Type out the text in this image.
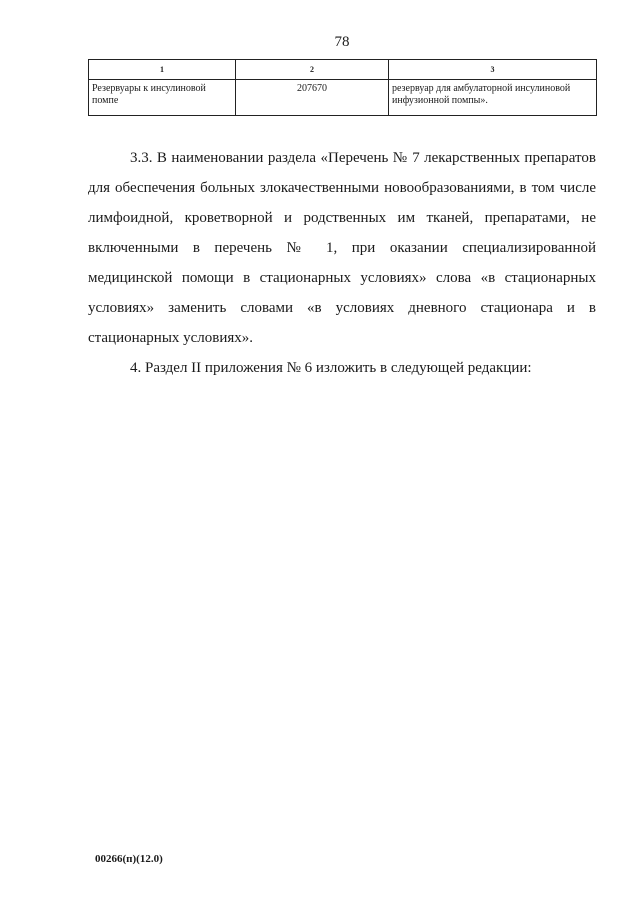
78
1	2	3
Резервуары к инсулиновой помпе	207670	резервуар для амбулаторной инсулиновой инфузионной помпы».

3.3. В наименовании раздела «Перечень № 7 лекарственных препаратов для обеспечения больных злокачественными новообразованиями, в том числе лимфоидной, кроветворной и родственных им тканей, препаратами, не включенными в перечень № 1, при оказании специализированной медицинской помощи в стационарных условиях» слова «в стационарных условиях» заменить словами «в условиях дневного стационара и в стационарных условиях».

4. Раздел II приложения № 6 изложить в следующей редакции:

00266(п)(12.0)
